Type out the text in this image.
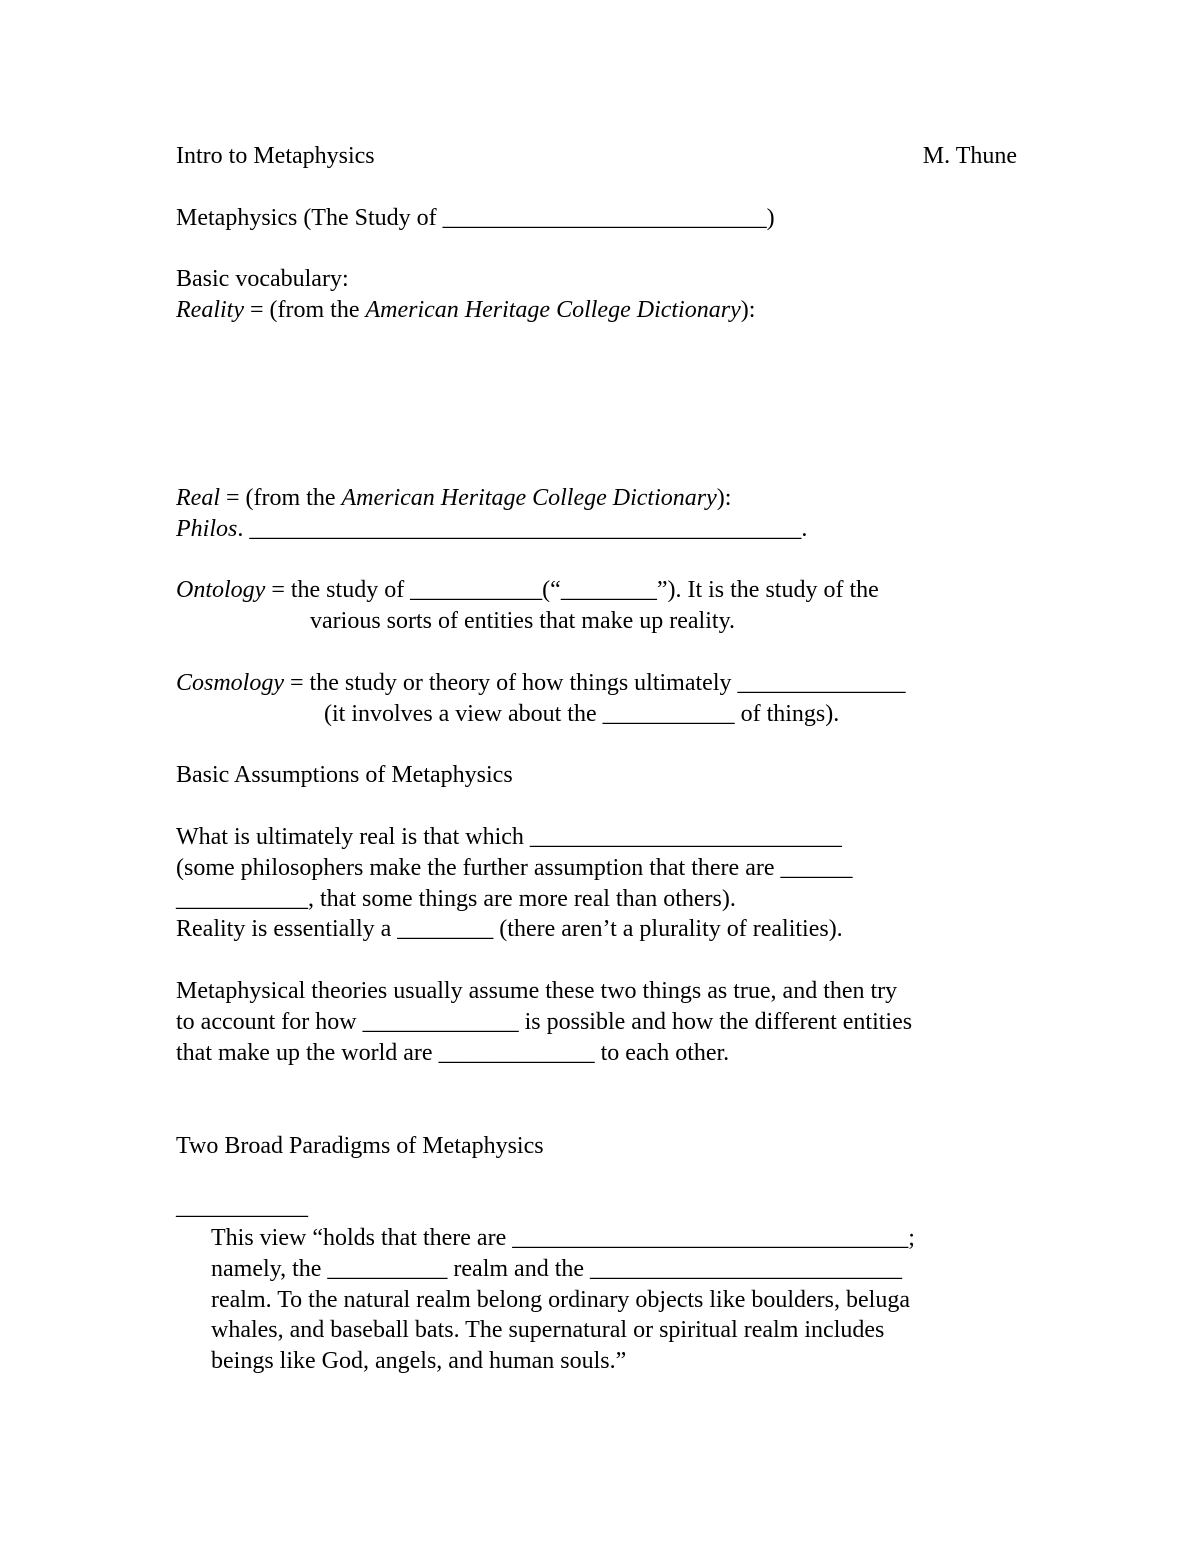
Intro to Metaphysics	M. Thune
Metaphysics (The Study of ___________________________)
Basic vocabulary:
Reality = (from the American Heritage College Dictionary):
Real = (from the American Heritage College Dictionary):
Philos. ______________________________________________.
Ontology = the study of ___________(“________”). It is the study of the
various sorts of entities that make up reality.
Cosmology = the study or theory of how things ultimately ______________
(it involves a view about the ___________ of things).
Basic Assumptions of Metaphysics
What is ultimately real is that which __________________________
(some philosophers make the further assumption that there are ______
___________, that some things are more real than others).
Reality is essentially a ________ (there aren’t a plurality of realities).
Metaphysical theories usually assume these two things as true, and then try
to account for how _____________ is possible and how the different entities
that make up the world are _____________ to each other.
Two Broad Paradigms of Metaphysics
___________
This view “holds that there are _________________________________;
namely, the __________ realm and the __________________________
realm. To the natural realm belong ordinary objects like boulders, beluga
whales, and baseball bats. The supernatural or spiritual realm includes
beings like God, angels, and human souls.”
